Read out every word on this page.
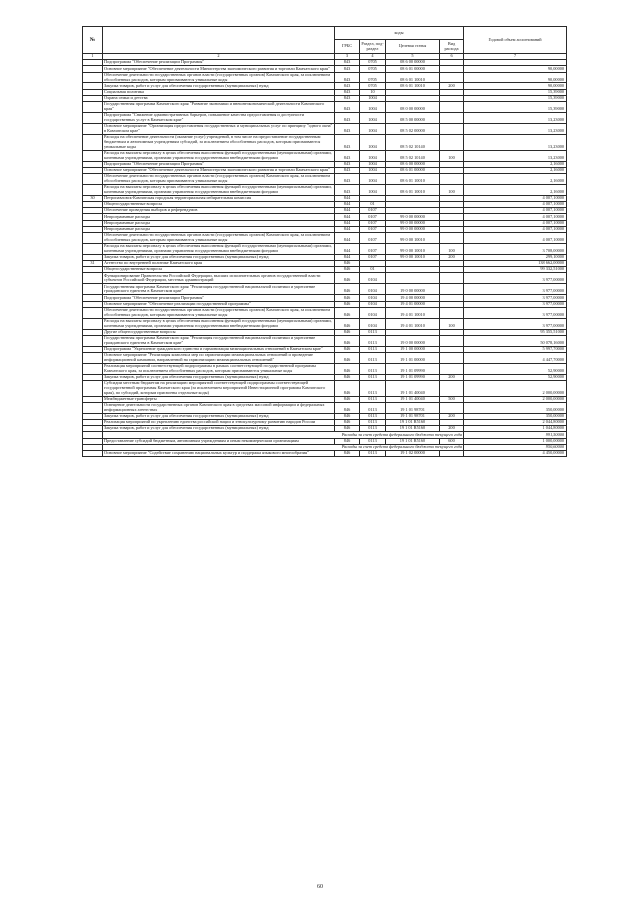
№		коды				Годовой объем ассигнований
		ГРБС	Раздел, под-раздел	Целевая статья	Вид расхода	
1	2	3	4	5	6	7
	Подпрограмма "Обеспечение реализации Программы"	843	0705	08 6 00 00000		
	Основное мероприятие "Обеспечение деятельности Министерства экономического развития и торговли Камчатского края"	843	0705	08 6 01 00000		90,00000
	Обеспечение деятельности государственных органов власти (государственных органов) Камчатского края, за исключением обособленных расходов, которым присваиваются уникальные коды	843	0705	08 6 01 10010		90,00000
	Закупка товаров, работ и услуг для обеспечения государственных (муниципальных) нужд	843	0705	08 6 01 10010	200	90,00000
	Социальная политика	843	10			15,39000
	Охрана семьи и детства	843	1004			15,39000
	Государственная программа Камчатского края "Развитие экономики и внешнеэкономической деятельности Камчатского края"	843	1004	08 0 00 00000		15,39000
	Подпрограмма "Снижение административных барьеров, повышение качества предоставления и доступности государственных услуг в Камчатском крае"	843	1004	08 5 00 00000		13,23000
	Основное мероприятие "Организация предоставления государственных и муниципальных услуг по принципу "одного окна" в Камчатском крае"	843	1004	08 5 02 00000		13,23000
	Расходы на обеспечение деятельности (оказание услуг) учреждений, в том числе на предоставление государственным бюджетным и автономным учреждениям субсидий, за исключением обособленных расходов, которым присваиваются уникальные коды	843	1004	08 5 02 10140		13,23000
	Расходы на выплаты персоналу в целях обеспечения выполнения функций государственными (муниципальными) органами, казенными учреждениями, органами управления государственными внебюджетными фондами	843	1004	08 5 02 10140	100	13,23000
	Подпрограмма "Обеспечение реализации Программы"	843	1004	08 6 00 00000		2,16000
	Основное мероприятие "Обеспечение деятельности Министерства экономического развития и торговли Камчатского края"	843	1004	08 6 01 00000		2,16000
	Обеспечение деятельности государственных органов власти (государственных органов) Камчатского края, за исключением обособленных расходов, которым присваиваются уникальные коды	843	1004	08 6 01 10010		2,16000
	Расходы на выплаты персоналу в целях обеспечения выполнения функций государственными (муниципальными) органами, казенными учреждениями, органами управления государственными внебюджетными фондами	843	1004	08 6 01 10010	100	2,16000
30	Петропавловск-Камчатская городская территориальная избирательная комиссия	844				4 007,10000
	Общегосударственные вопросы	844	01			4 007,10000
	Обеспечение проведения выборов и референдумов	844	0107			4 007,10000
	Непрограммные расходы	844	0107	99 0 00 00000		4 007,10000
	Непрограммные расходы	844	0107	99 0 00 00000		4 007,10000
	Непрограммные расходы	844	0107	99 0 00 00000		4 007,10000
	Обеспечение деятельности государственных органов власти (государственных органов) Камчатского края, за исключением обособленных расходов, которым присваиваются уникальные коды	844	0107	99 0 00 10010		4 007,10000
	Расходы на выплаты персоналу в целях обеспечения выполнения функций государственными (муниципальными) органами, казенными учреждениями, органами управления государственными внебюджетными фондами	844	0107	99 0 00 10010	100	3 708,00000
	Закупка товаров, работ и услуг для обеспечения государственных (муниципальных) нужд	844	0107	99 0 00 10010	200	299,10000
31	Агентство по внутренней политике Камчатского края	846				138 662,00000
	Общегосударственные вопросы	846	01			99 332,51000
	Функционирование Правительства Российской Федерации, высших исполнительных органов государственной власти субъектов Российской Федерации, местных администраций	846	0104			3 977,00000
	Государственная программа Камчатского края "Реализация государственной национальной политики и укрепление гражданского единства в Камчатском крае"	846	0104	19 0 00 00000		3 977,00000
	Подпрограмма "Обеспечение реализации Программы"	846	0104	19 4 00 00000		3 977,00000
	Основное мероприятие "Обеспечение реализации государственной программы"	846	0104	19 4 01 00000		3 977,00000
	Обеспечение деятельности государственных органов власти (государственных органов) Камчатского края, за исключением обособленных расходов, которым присваиваются уникальные коды	846	0104	19 4 01 10010		3 977,00000
	Расходы на выплаты персоналу в целях обеспечения выполнения функций государственными (муниципальными) органами, казенными учреждениями, органами управления государственными внебюджетными фондами	846	0104	19 4 01 10010	100	3 977,00000
	Другие общегосударственные вопросы	846	0113			95 355,51000
	Государственная программа Камчатского края "Реализация государственной национальной политики и укрепление гражданского единства в Камчатском крае"	846	0113	19 0 00 00000		50 078,16000
	Подпрограмма "Укрепление гражданского единства и гармонизация межнациональных отношений в Камчатском крае"	846	0113	19 1 00 00000		5 997,70000
	Основное мероприятие "Реализация комплекса мер по гармонизации межнациональных отношений и проведение информационной кампании, направленной на гармонизацию межнациональных отношений"	846	0113	19 1 01 00000		4 447,70000
	Реализация мероприятий соответствующей подпрограммы в рамках соответствующей государственной программы Камчатского края, за исключением обособленных расходов, которым присваиваются уникальные коды	846	0113	19 1 01 09990		52,90000
	Закупка товаров, работ и услуг для обеспечения государственных (муниципальных) нужд	846	0113	19 1 01 09990	200	52,90000
	Субсидии местным бюджетам на реализацию мероприятий соответствующей подпрограммы соответствующей государственной программы Камчатского края (за исключением мероприятий Инвестиционной программы Камчатского края), по субсидий, которым присвоены отдельные коды)	846	0113	19 1 01 40040		2 000,00000
	Межбюджетные трансферты	846	0113	19 1 01 40040	500	2 000,00000
	Освещение деятельности государственных органов Камчатского края в средствах массовой информации и федеральных информационных агентствах	846	0113	19 1 01 98701		350,00000
	Закупка товаров, работ и услуг для обеспечения государственных (муниципальных) нужд	846	0113	19 1 01 98701	200	350,00000
	Реализация мероприятий по укреплению единства российской нации и этнокультурному развитию народов России	846	0113	19 1 01 R5160		2 044,80000
	Закупка товаров, работ и услуг для обеспечения государственных (муниципальных) нужд	846	0113	19 1 01 R5160	200	1 044,80000
	Расходы за счет средств федерального бюджета текущего года					991,50000
	Предоставление субсидий бюджетным, автономным учреждениям и иным некоммерческим организациям	846	0113	19 1 01 R5160	600	1 000,00000
	Расходы за счет средств федерального бюджета текущего года					950,60000
	Основное мероприятие "Содействие сохранению национальных культур и поддержка языкового многообразия"	846	0113	19 1 02 00000		4 450,00000
60
